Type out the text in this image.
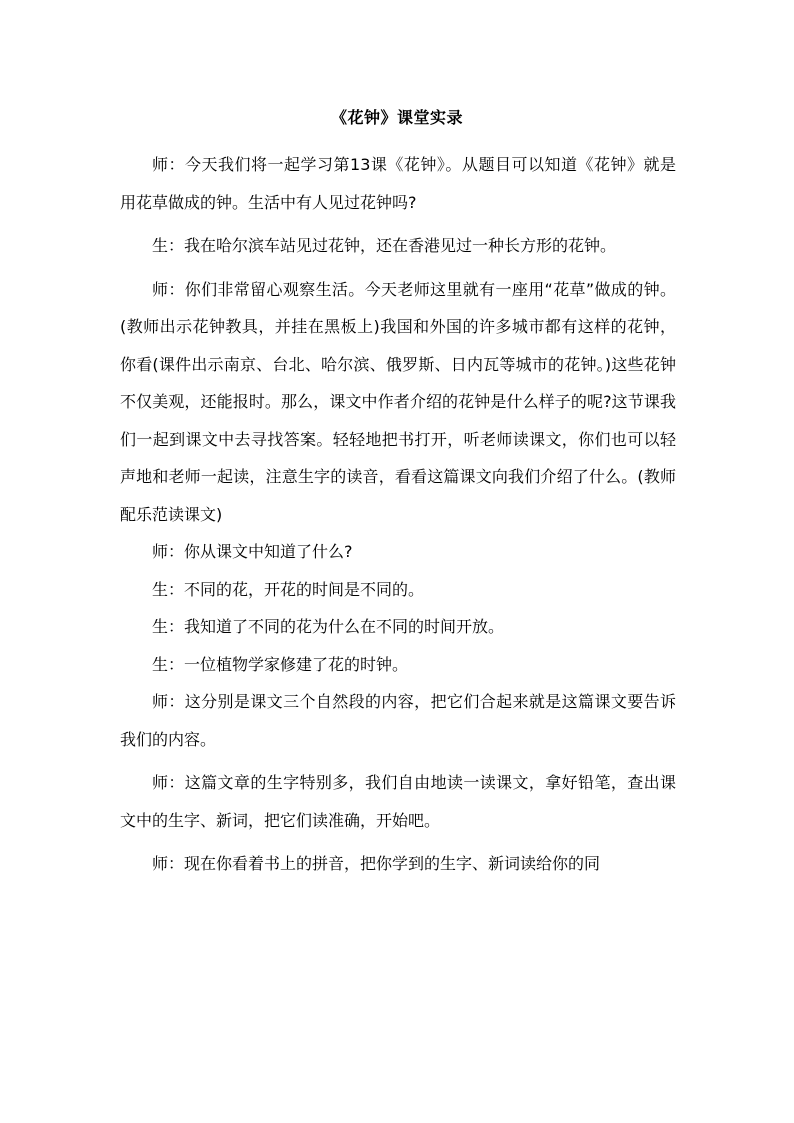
《花钟》课堂实录

师：今天我们将一起学习第13课《花钟》。从题目可以知道《花钟》就是用花草做成的钟。生活中有人见过花钟吗?

生：我在哈尔滨车站见过花钟，还在香港见过一种长方形的花钟。

师：你们非常留心观察生活。今天老师这里就有一座用“花草”做成的钟。(教师出示花钟教具，并挂在黑板上)我国和外国的许多城市都有这样的花钟，你看(课件出示南京、台北、哈尔滨、俄罗斯、日内瓦等城市的花钟。)这些花钟不仅美观，还能报时。那么，课文中作者介绍的花钟是什么样子的呢?这节课我们一起到课文中去寻找答案。轻轻地把书打开，听老师读课文，你们也可以轻声地和老师一起读，注意生字的读音，看看这篇课文向我们介绍了什么。(教师配乐范读课文)

师：你从课文中知道了什么?

生：不同的花，开花的时间是不同的。

生：我知道了不同的花为什么在不同的时间开放。

生：一位植物学家修建了花的时钟。

师：这分别是课文三个自然段的内容，把它们合起来就是这篇课文要告诉我们的内容。

师：这篇文章的生字特别多，我们自由地读一读课文，拿好铅笔，查出课文中的生字、新词，把它们读准确，开始吧。

师：现在你看着书上的拼音，把你学到的生字、新词读给你的同
